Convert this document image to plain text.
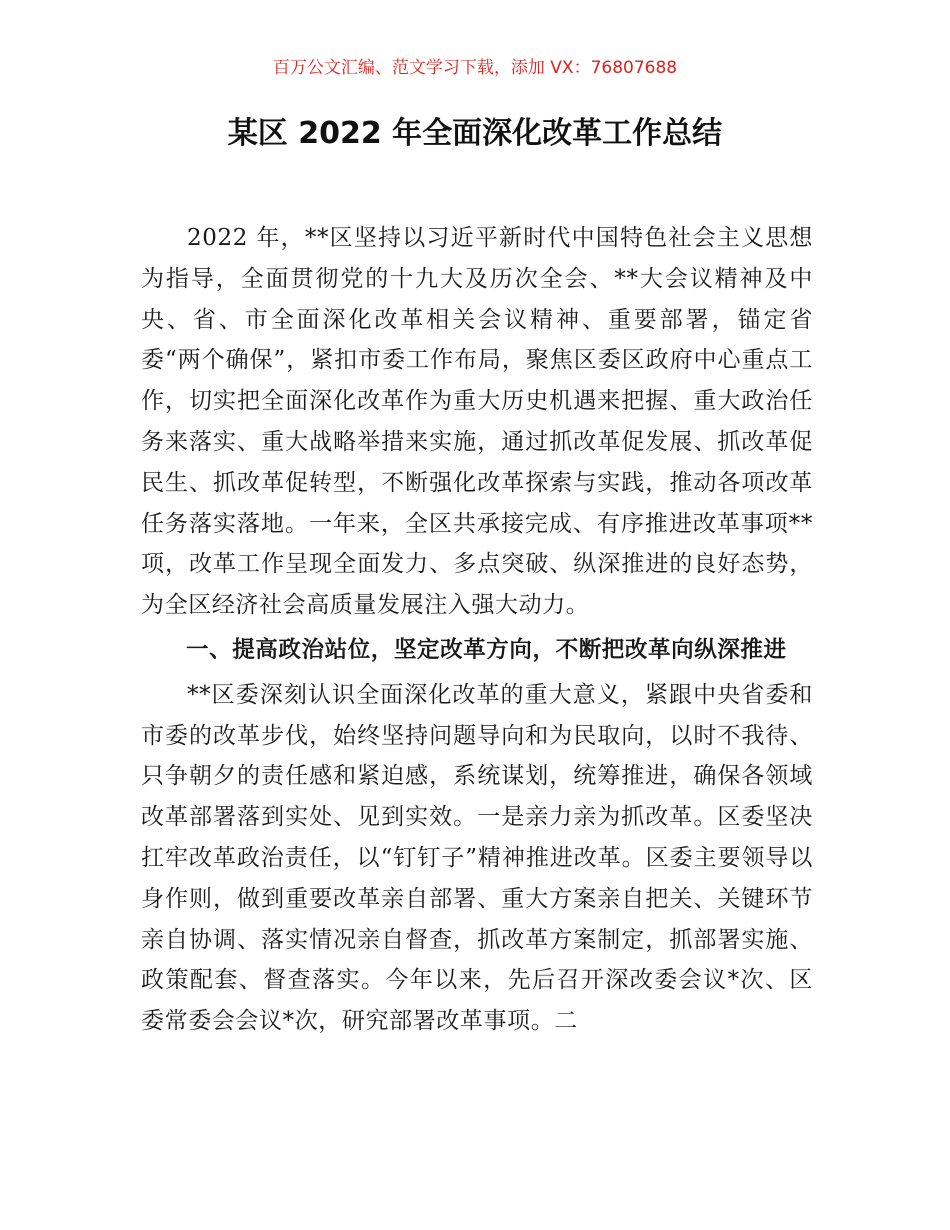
百万公文汇编、范文学习下载，添加 VX：76807688
某区 2022 年全面深化改革工作总结

2022 年，**区坚持以习近平新时代中国特色社会主义思想为指导，全面贯彻党的十九大及历次全会、**大会议精神及中央、省、市全面深化改革相关会议精神、重要部署，锚定省委“两个确保”，紧扣市委工作布局，聚焦区委区政府中心重点工作，切实把全面深化改革作为重大历史机遇来把握、重大政治任务来落实、重大战略举措来实施，通过抓改革促发展、抓改革促民生、抓改革促转型，不断强化改革探索与实践，推动各项改革任务落实落地。一年来，全区共承接完成、有序推进改革事项**项，改革工作呈现全面发力、多点突破、纵深推进的良好态势，为全区经济社会高质量发展注入强大动力。

一、提高政治站位，坚定改革方向，不断把改革向纵深推进

**区委深刻认识全面深化改革的重大意义，紧跟中央省委和市委的改革步伐，始终坚持问题导向和为民取向，以时不我待、只争朝夕的责任感和紧迫感，系统谋划，统筹推进，确保各领域改革部署落到实处、见到实效。一是亲力亲为抓改革。区委坚决扛牢改革政治责任，以“钉钉子”精神推进改革。区委主要领导以身作则，做到重要改革亲自部署、重大方案亲自把关、关键环节亲自协调、落实情况亲自督查，抓改革方案制定，抓部署实施、政策配套、督查落实。今年以来，先后召开深改委会议*次、区委常委会会议*次，研究部署改革事项。二
